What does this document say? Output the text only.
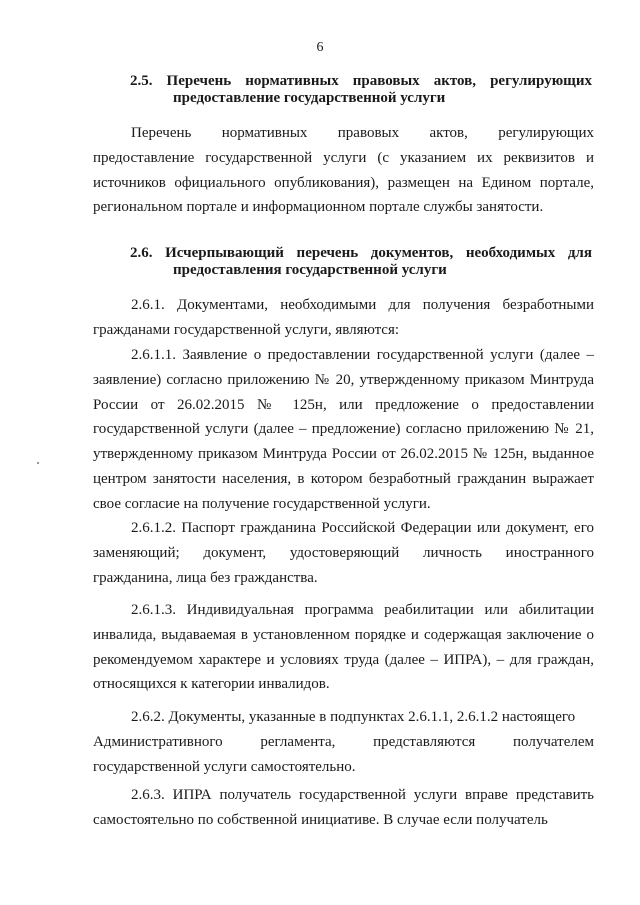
6
2.5. Перечень нормативных правовых актов, регулирующих
предоставление государственной услуги
Перечень нормативных правовых актов, регулирующих
предоставление государственной услуги (с указанием их реквизитов и источников официального опубликования), размещен на Едином портале, региональном портале и информационном портале службы занятости.
2.6. Исчерпывающий перечень документов, необходимых для
предоставления государственной услуги
2.6.1. Документами, необходимыми для получения безработными гражданами государственной услуги, являются:
2.6.1.1. Заявление о предоставлении государственной услуги (далее – заявление) согласно приложению № 20, утвержденному приказом Минтруда России от 26.02.2015 № 125н, или предложение о предоставлении государственной услуги (далее – предложение) согласно приложению № 21, утвержденному приказом Минтруда России от 26.02.2015 № 125н, выданное центром занятости населения, в котором безработный гражданин выражает свое согласие на получение государственной услуги.
2.6.1.2. Паспорт гражданина Российской Федерации или документ, его заменяющий; документ, удостоверяющий личность иностранного гражданина, лица без гражданства.
2.6.1.3. Индивидуальная программа реабилитации или абилитации инвалида, выдаваемая в установленном порядке и содержащая заключение о рекомендуемом характере и условиях труда (далее – ИПРА), – для граждан, относящихся к категории инвалидов.
2.6.2. Документы, указанные в подпунктах 2.6.1.1, 2.6.1.2 настоящего
Административного	регламента,	представляются	получателем
государственной услуги самостоятельно.
2.6.3. ИПРА получатель государственной услуги вправе представить самостоятельно по собственной инициативе. В случае если получатель
